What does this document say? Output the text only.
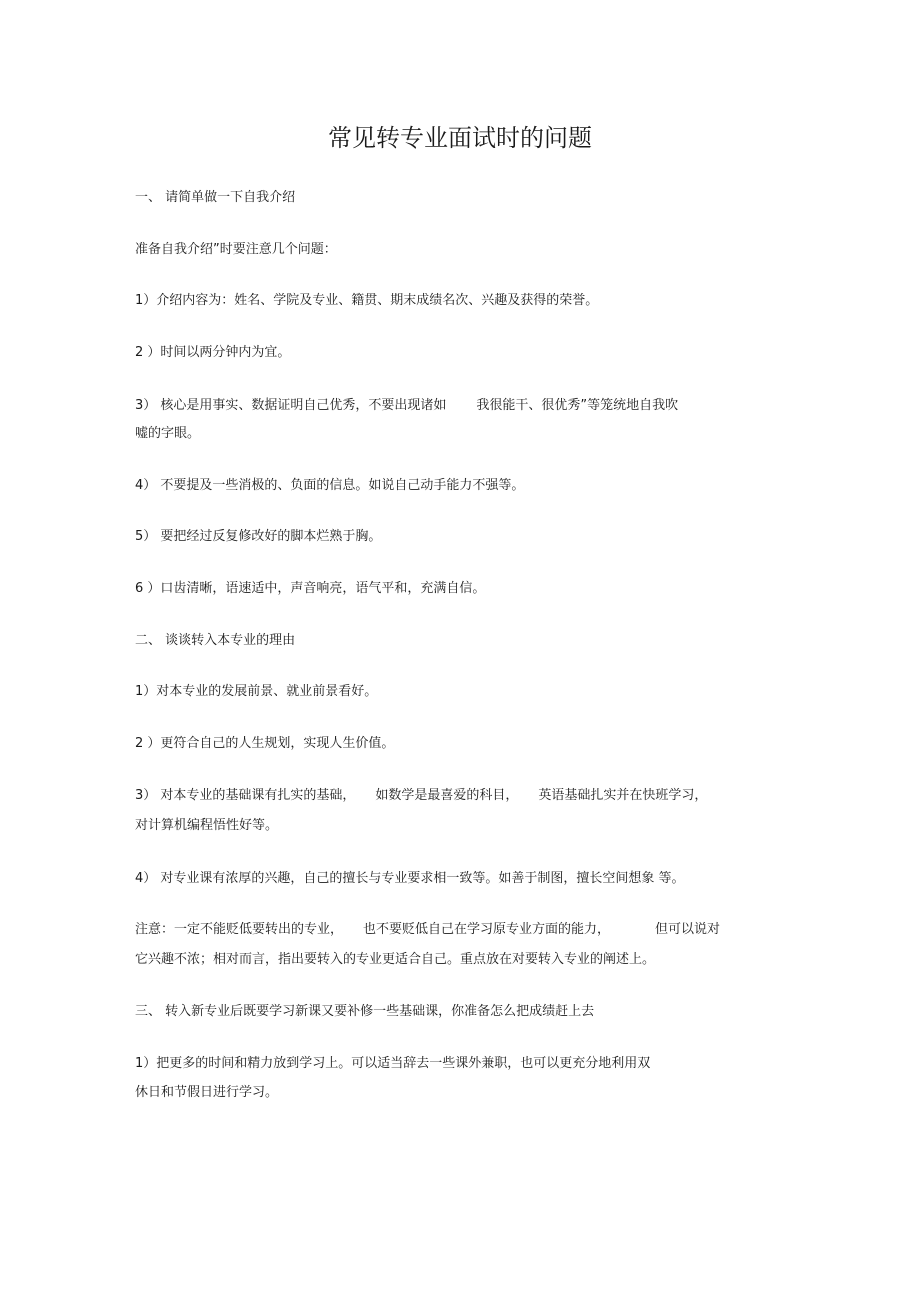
常见转专业面试时的问题

一、 请简单做一下自我介绍

准备自我介绍”时要注意几个问题：

1）介绍内容为：姓名、学院及专业、籍贯、期末成绩名次、兴趣及获得的荣誉。

2 ）时间以两分钟内为宜。

3） 核心是用事实、数据证明自己优秀，不要出现诸如 我很能干、很优秀”等笼统地自我吹

嘘的字眼。

4） 不要提及一些消极的、负面的信息。如说自己动手能力不强等。

5） 要把经过反复修改好的脚本烂熟于胸。

6 ）口齿清晰，语速适中，声音响亮，语气平和，充满自信。

二、 谈谈转入本专业的理由

1）对本专业的发展前景、就业前景看好。

2 ）更符合自己的人生规划，实现人生价值。

3） 对本专业的基础课有扎实的基础， 如数学是最喜爱的科目， 英语基础扎实并在快班学习，

对计算机编程悟性好等。

4） 对专业课有浓厚的兴趣，自己的擅长与专业要求相一致等。如善于制图，擅长空间想象 等。

注意：一定不能贬低要转出的专业， 也不要贬低自己在学习原专业方面的能力，	但可以说对

它兴趣不浓；相对而言，指出要转入的专业更适合自己。重点放在对要转入专业的阐述上。

三、 转入新专业后既要学习新课又要补修一些基础课，你准备怎么把成绩赶上去

1）把更多的时间和精力放到学习上。可以适当辞去一些课外兼职，也可以更充分地利用双

休日和节假日进行学习。
